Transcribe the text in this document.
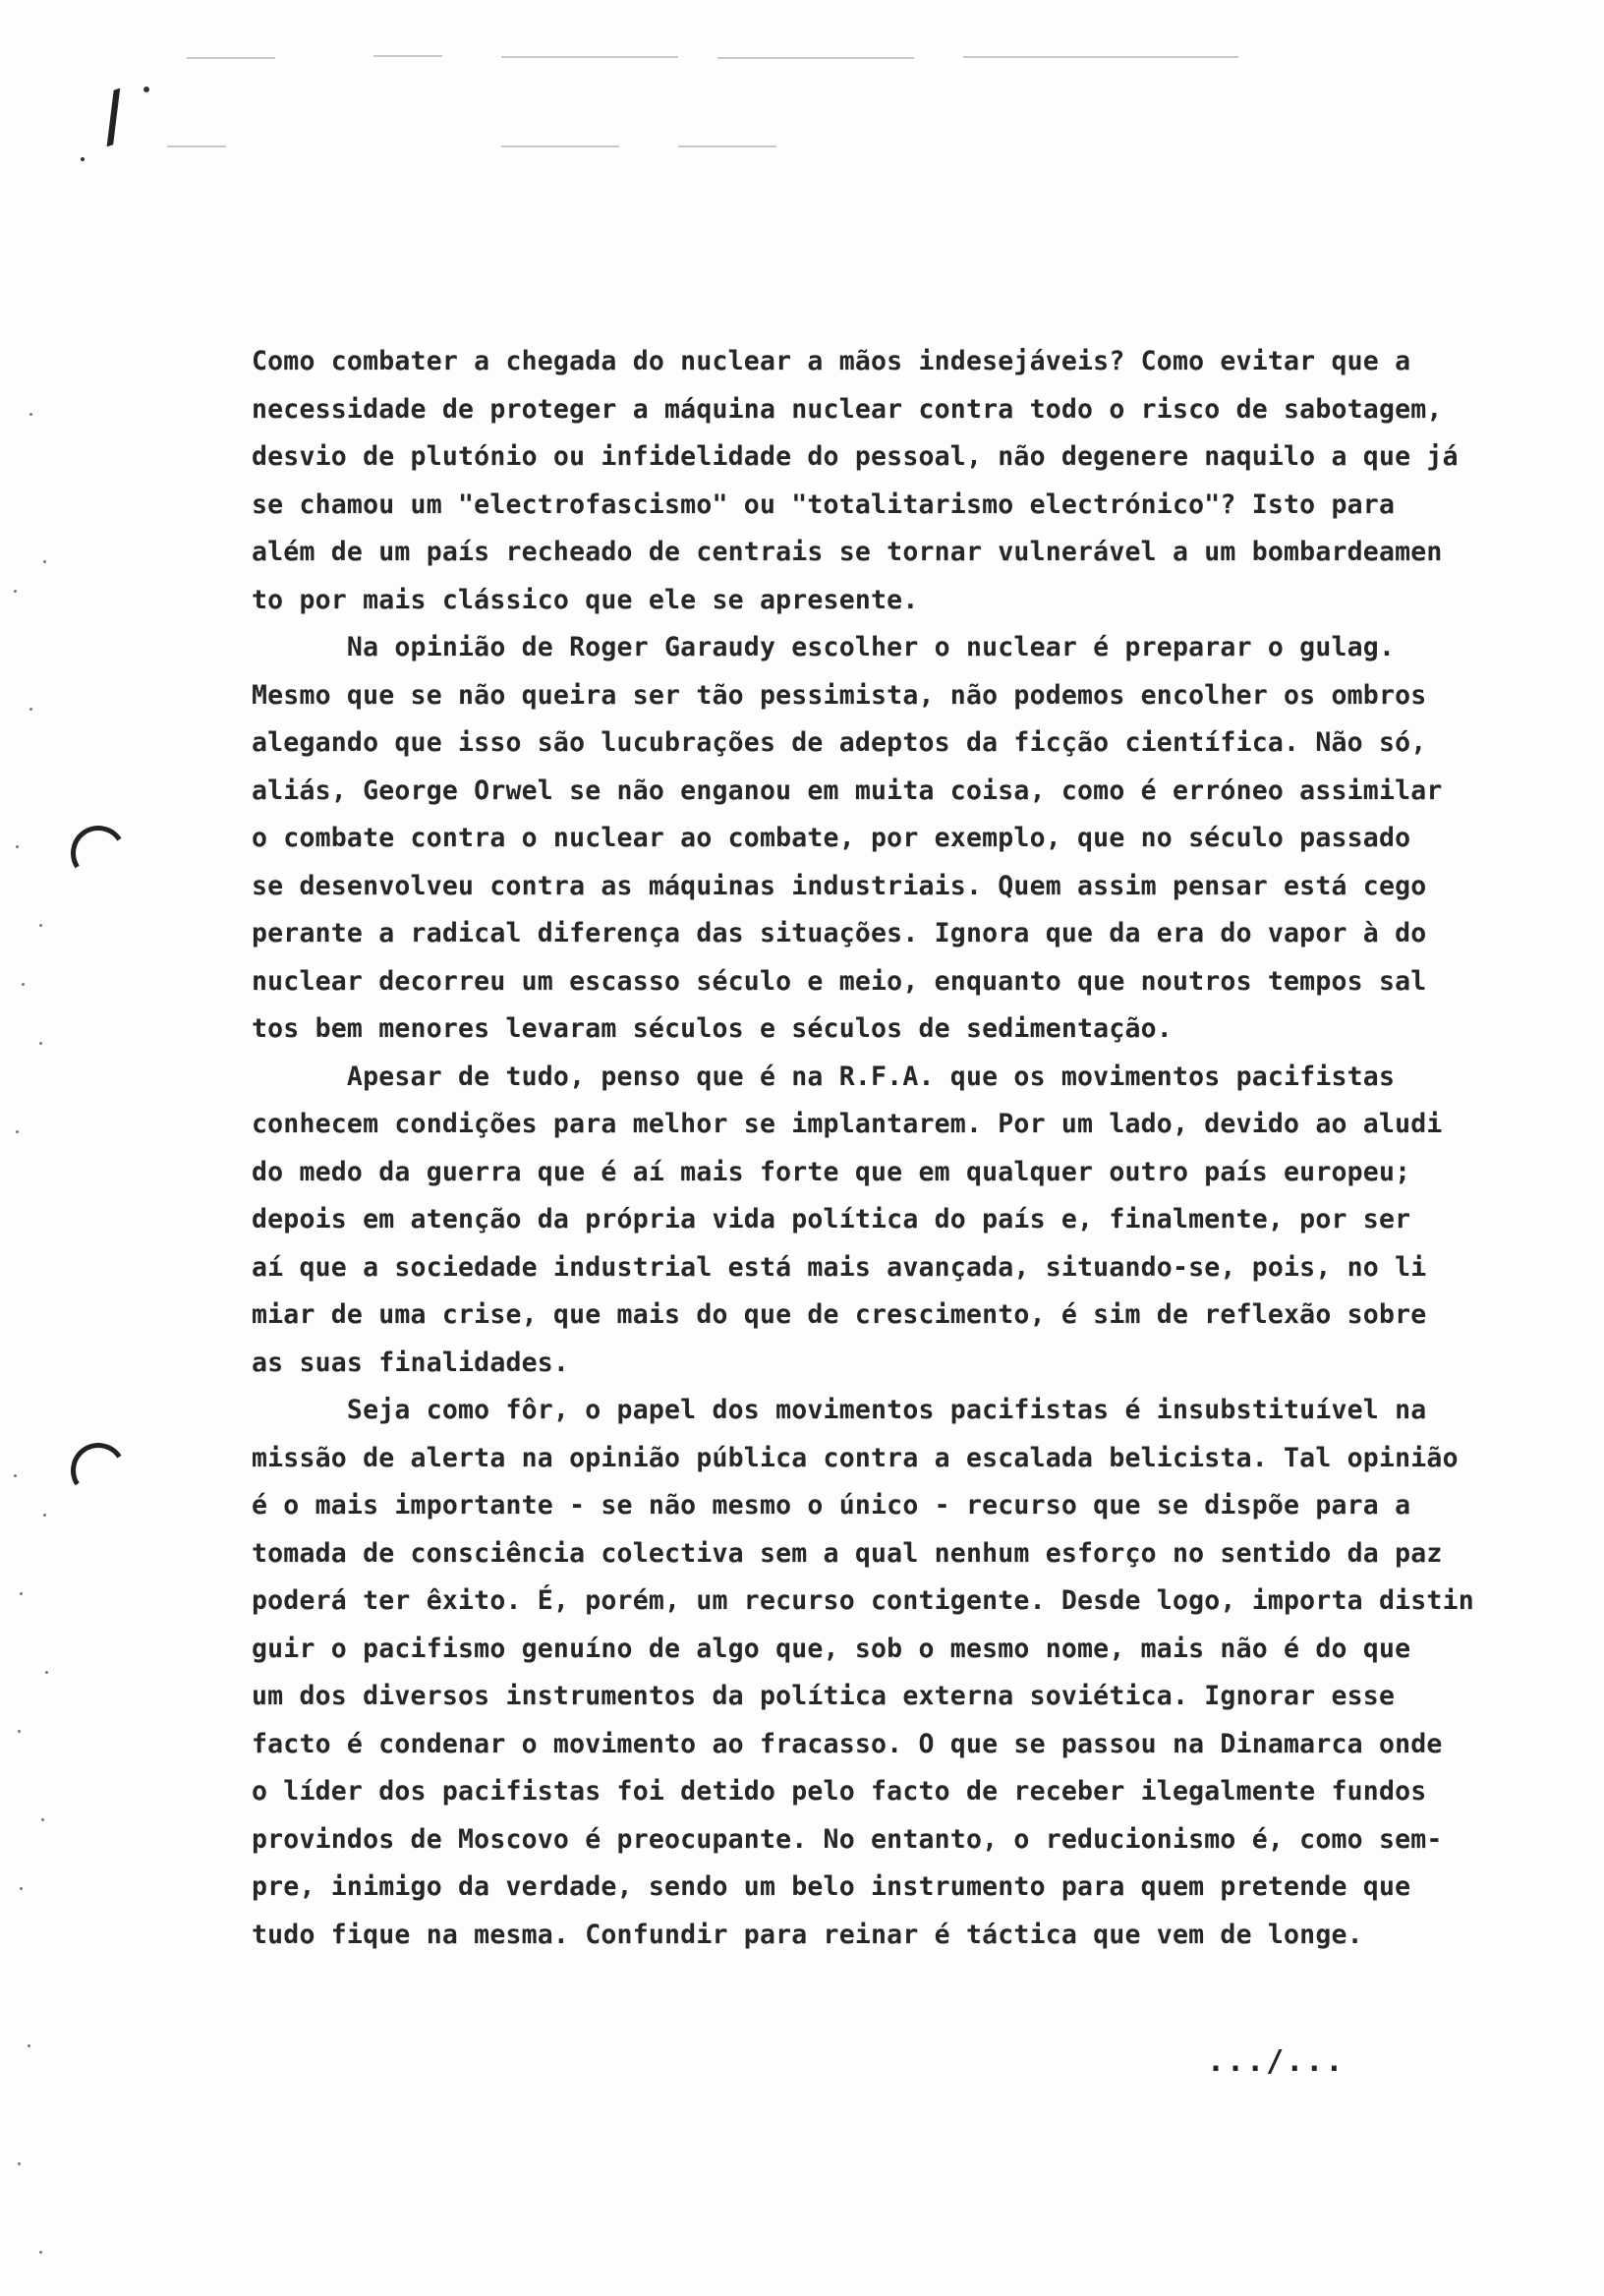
/
Como combater a chegada do nuclear a mãos indesejáveis? Como evitar que a
necessidade de proteger a máquina nuclear contra todo o risco de sabotagem,
desvio de plutónio ou infidelidade do pessoal, não degenere naquilo a que já
se chamou um "electrofascismo" ou "totalitarismo electrónico"? Isto para
além de um país recheado de centrais se tornar vulnerável a um bombardeamen
to por mais clássico que ele se apresente.
Na opinião de Roger Garaudy escolher o nuclear é preparar o gulag.
Mesmo que se não queira ser tão pessimista, não podemos encolher os ombros
alegando que isso são lucubrações de adeptos da ficção científica. Não só,
aliás, George Orwel se não enganou em muita coisa, como é erróneo assimilar
o combate contra o nuclear ao combate, por exemplo, que no século passado
se desenvolveu contra as máquinas industriais. Quem assim pensar está cego
perante a radical diferença das situações. Ignora que da era do vapor à do
nuclear decorreu um escasso século e meio, enquanto que noutros tempos sal
tos bem menores levaram séculos e séculos de sedimentação.
Apesar de tudo, penso que é na R.F.A. que os movimentos pacifistas
conhecem condições para melhor se implantarem. Por um lado, devido ao aludi
do medo da guerra que é aí mais forte que em qualquer outro país europeu;
depois em atenção da própria vida política do país e, finalmente, por ser
aí que a sociedade industrial está mais avançada, situando-se, pois, no li
miar de uma crise, que mais do que de crescimento, é sim de reflexão sobre
as suas finalidades.
Seja como fôr, o papel dos movimentos pacifistas é insubstituível na
missão de alerta na opinião pública contra a escalada belicista. Tal opinião
é o mais importante - se não mesmo o único - recurso que se dispõe para a
tomada de consciência colectiva sem a qual nenhum esforço no sentido da paz
poderá ter êxito. É, porém, um recurso contigente. Desde logo, importa distin
guir o pacifismo genuíno de algo que, sob o mesmo nome, mais não é do que
um dos diversos instrumentos da política externa soviética. Ignorar esse
facto é condenar o movimento ao fracasso. O que se passou na Dinamarca onde
o líder dos pacifistas foi detido pelo facto de receber ilegalmente fundos
provindos de Moscovo é preocupante. No entanto, o reducionismo é, como sem-
pre, inimigo da verdade, sendo um belo instrumento para quem pretende que
tudo fique na mesma. Confundir para reinar é táctica que vem de longe.
.../...
